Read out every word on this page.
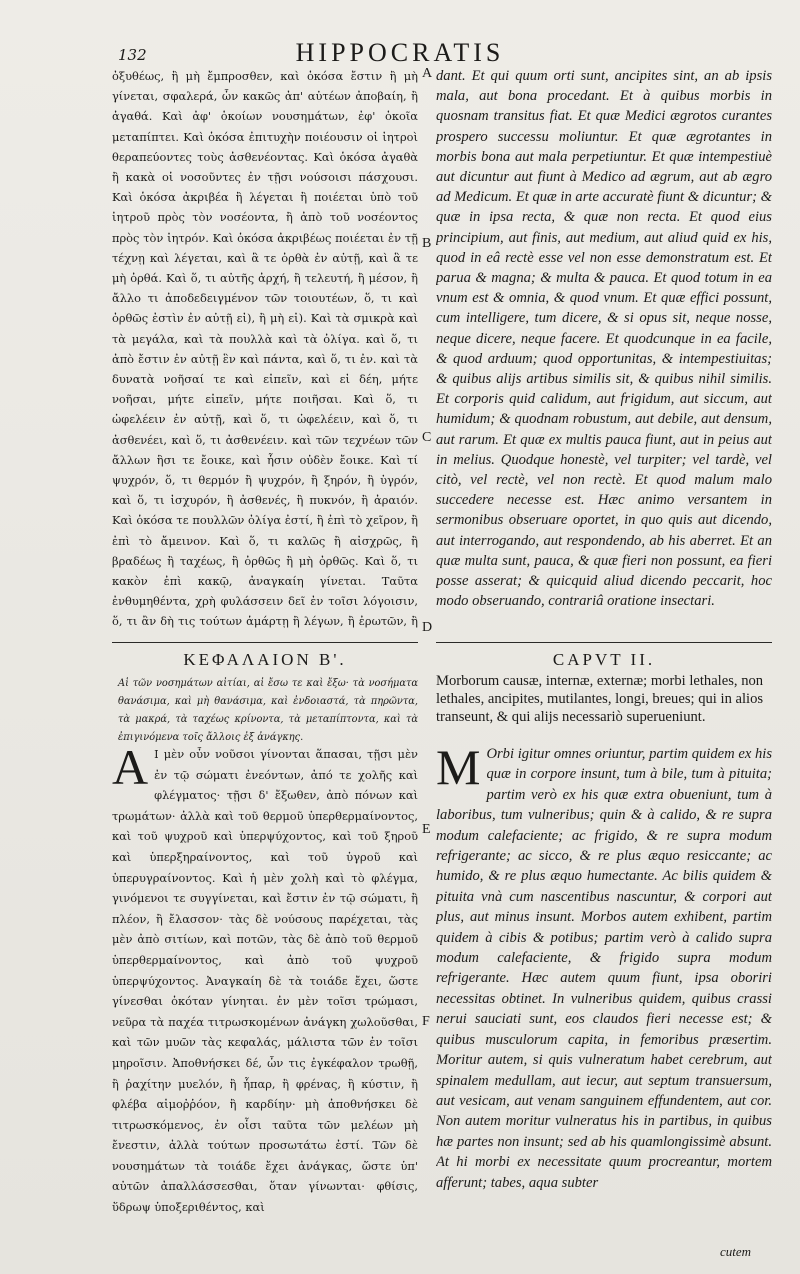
132	HIPPOCRATIS
ὀξυθέως, ἢ μὴ ἔμπροσθεν, καὶ ὁκόσα ἔστιν ἢ μὴ γίνεται, σφαλερά, ὧν κακῶς ἀπ' αὐτέων ἀποβαίη, ἢ ἀγαθά. Καὶ ἀφ' ὁκοίων νουσημάτων, ἐφ' ὁκοῖα μεταπίπτει. Καὶ ὁκόσα ἐπιτυχὴν ποιέουσιν οἱ ἰητροὶ θεραπεύοντες τοὺς ἀσθενέοντας. Καὶ ὁκόσα ἀγαθὰ ἢ κακὰ οἱ νοσοῦντες ἐν τῇσι νούσοισι πάσχουσι. Καὶ ὁκόσα ἀκριβέα ἢ λέγεται ἢ ποιέεται ὑπὸ τοῦ ἰητροῦ πρὸς τὸν νοσέοντα, ἢ ἀπὸ τοῦ νοσέοντος πρὸς τὸν ἰητρόν. Καὶ ὁκόσα ἀκριβέως ποιέεται ἐν τῇ τέχνῃ καὶ λέγεται, καὶ ἃ τε ὀρθὰ ἐν αὐτῇ, καὶ ἃ τε μὴ ὀρθά. Καὶ ὅ, τι αὐτῆς ἀρχή, ἢ τελευτή, ἢ μέσον, ἢ ἄλλο τι ἀποδεδειγμένον τῶν τοιουτέων, ὅ, τι καὶ ὀρθῶς ἐστὶν ἐν αὐτῇ εἰ), ἢ μὴ εἰ). Καὶ τὰ σμικρὰ καὶ τὰ μεγάλα, καὶ τὰ πουλλὰ καὶ τὰ ὀλίγα. καὶ ὅ, τι ἀπὸ ἔστιν ἐν αὐτῇ ἓν καὶ πάντα, καὶ ὅ, τι ἐν. καὶ τὰ δυνατὰ νοῆσαί τε καὶ εἰπεῖν, καὶ εἰ δέη, μήτε νοῆσαι, μήτε εἰπεῖν, μήτε ποιῆσαι. Καὶ ὅ, τι ὠφελέειν ἐν αὐτῇ, καὶ ὅ, τι ὠφελέειν, καὶ ὅ, τι ἀσθενέει, καὶ ὅ, τι ἀσθενέειν. καὶ τῶν τεχνέων τῶν ἄλλων ἣσι τε ἔοικε, καὶ ἧσιν οὐδὲν ἔοικε. Καὶ τί ψυχρόν, ὅ, τι θερμόν ἢ ψυχρόν, ἢ ξηρόν, ἢ ὑγρόν, καὶ ὅ, τι ἰσχυρόν, ἢ ἀσθενές, ἢ πυκνόν, ἢ ἀραιόν. Καὶ ὁκόσα τε πουλλῶν ὀλίγα ἐστί, ἢ ἐπὶ τὸ χεῖρον, ἢ ἐπὶ τὸ ἄμεινον. Καὶ ὅ, τι καλῶς ἢ αἰσχρῶς, ἢ βραδέως ἢ ταχέως, ἢ ὀρθῶς ἢ μὴ ὀρθῶς. Καὶ ὅ, τι κακὸν ἐπὶ κακῷ, ἀναγκαίη γίνεται. Ταῦτα ἐνθυμηθέντα, χρὴ φυλάσσειν δεῖ ἐν τοῖσι λόγοισιν, ὅ, τι ἂν δὴ τις τούτων ἁμάρτῃ ἢ λέγων, ἢ ἐρωτῶν, ἢ
dant. Et qui quum orti sunt, ancipites sint, an ab ipsis mala, aut bona procedant. Et à quibus morbis in quosnam transitus fiat. Et quæ Medici ægrotos curantes prospero successu moliuntur. Et quæ ægrotantes in morbis bona aut mala perpetiuntur. Et quæ intempestiuè aut dicuntur aut fiunt à Medico ad ægrum, aut ab ægro ad Medicum. Et quæ in arte accuratè fiunt & dicuntur; & quæ in ipsa recta, & quæ non recta. Et quod eius principium, aut finis, aut medium, aut aliud quid ex his, quod in eâ rectè esse vel non esse demonstratum est. Et parua & magna; & multa & pauca. Et quod totum in ea vnum est & omnia, & quod vnum. Et quæ effici possunt, cum intelligere, tum dicere, & si opus sit, neque nosse, neque dicere, neque facere. Et quodcunque in ea facile, & quod arduum; quod opportunitas, & intempestiuitas; & quibus alijs artibus similis sit, & quibus nihil similis. Et corporis quid calidum, aut frigidum, aut siccum, aut humidum; & quodnam robustum, aut debile, aut densum, aut rarum. Et quæ ex multis pauca fiunt, aut in peius aut in melius. Quodque honestè, vel turpiter; vel tardè, vel citò, vel rectè, vel non rectè. Et quod malum malo succedere necesse est. Hæc animo versantem in sermonibus obseruare oportet, in quo quis aut dicendo, aut interrogando, aut respondendo, ab his aberret. Et an quæ multa sunt, pauca, & quæ fieri non possunt, ea fieri posse asserat; & quicquid aliud dicendo peccarit, hoc modo obseruando, contrariâ oratione insectari.
A
B
C
D
E
F
ΚΕΦΑΛΑΙΟΝ Β'.	CAPVT II.
Αἱ τῶν νοσημάτων αἰτίαι, αἱ ἔσω τε καὶ ἔξω· τὰ νοσήματα θανάσιμα, καὶ μὴ θανάσιμα, καὶ ἐνδοιαστά, τὰ πηρῶντα, τὰ μακρά, τὰ ταχέως κρίνοντα, τὰ μεταπίπτοντα, καὶ τὰ ἐπιγινόμενα τοῖς ἄλλοις ἐξ ἀνάγκης.
Morborum causæ, internæ, externæ; morbi lethales, non lethales, ancipites, mutilantes, longi, breues; qui in alios transeunt, & qui alijs necessariò superueniunt.
Α Ι μὲν οὖν νοῦσοι γίνονται ἅπασαι, τῇσι μὲν ἐν τῷ σώματι ἐνεόντων, ἀπό τε χολῆς καὶ φλέγματος· τῇσι δ' ἔξωθεν, ἀπὸ πόνων καὶ τρωμάτων· ἀλλὰ καὶ τοῦ θερμοῦ ὑπερθερμαίνοντος, καὶ τοῦ ψυχροῦ καὶ ὑπερψύχοντος, καὶ τοῦ ξηροῦ καὶ ὑπερξηραίνοντος, καὶ τοῦ ὑγροῦ καὶ ὑπερυγραίνοντος. Καὶ ἡ μὲν χολὴ καὶ τὸ φλέγμα, γινόμενοι τε συγγίνεται, καὶ ἔστιν ἐν τῷ σώματι, ἢ πλέον, ἢ ἔλασσον· τὰς δὲ νούσους παρέχεται, τὰς μὲν ἀπὸ σιτίων, καὶ ποτῶν, τὰς δὲ ἀπὸ τοῦ θερμοῦ ὑπερθερμαίνοντος, καὶ ἀπὸ τοῦ ψυχροῦ ὑπερψύχοντος. Ἀναγκαίη δὲ τὰ τοιάδε ἔχει, ὥστε γίνεσθαι ὁκόταν γίνηται. ἐν μὲν τοῖσι τρώμασι, νεῦρα τὰ παχέα τιτρωσκομένων ἀνάγκη χωλοῦσθαι, καὶ τῶν μυῶν τὰς κεφαλάς, μάλιστα τῶν ἐν τοῖσι μηροῖσιν. Ἀποθνήσκει δέ, ὧν τις ἐγκέφαλον τρωθῇ, ἢ ῥαχίτην μυελόν, ἢ ἧπαρ, ἢ φρένας, ἢ κύστιν, ἢ φλέβα αἱμοῤῥόον, ἢ καρδίην· μὴ ἀποθνήσκει δὲ τιτρωσκόμενος, ἐν οἷσι ταῦτα τῶν μελέων μὴ ἔνεστιν, ἀλλὰ τούτων προσωτάτω ἐστί. Τῶν δὲ νουσημάτων τὰ τοιάδε ἔχει ἀνάγκας, ὥστε ὑπ' αὐτῶν ἀπαλλάσσεσθαι, ὅταν γίνωνται· φθίσις, ὕδρωψ ὑποξεριθέντος, καὶ
M Orbi igitur omnes oriuntur, partim quidem ex his quæ in corpore insunt, tum à bile, tum à pituita; partim verò ex his quæ extra obueniunt, tum à laboribus, tum vulneribus; quin & à calido, & re supra modum calefaciente; ac frigido, & re supra modum refrigerante; ac sicco, & re plus æquo resiccante; ac humido, & re plus æquo humectante. Ac bilis quidem & pituita vnà cum nascentibus nascuntur, & corpori aut plus, aut minus insunt. Morbos autem exhibent, partim quidem à cibis & potibus; partim verò à calido supra modum calefaciente, & frigido supra modum refrigerante. Hæc autem quum fiunt, ipsa oboriri necessitas obtinet. In vulneribus quidem, quibus crassi nerui sauciati sunt, eos claudos fieri necesse est; & quibus musculorum capita, in femoribus præsertim. Moritur autem, si quis vulneratum habet cerebrum, aut spinalem medullam, aut iecur, aut septum transuersum, aut vesicam, aut venam sanguinem effundentem, aut cor. Non autem moritur vulneratus his in partibus, in quibus hæ partes non insunt; sed ab his quamlongissimè absunt. At hi morbi ex necessitate quum procreantur, mortem afferunt; tabes, aqua subter
cutem
